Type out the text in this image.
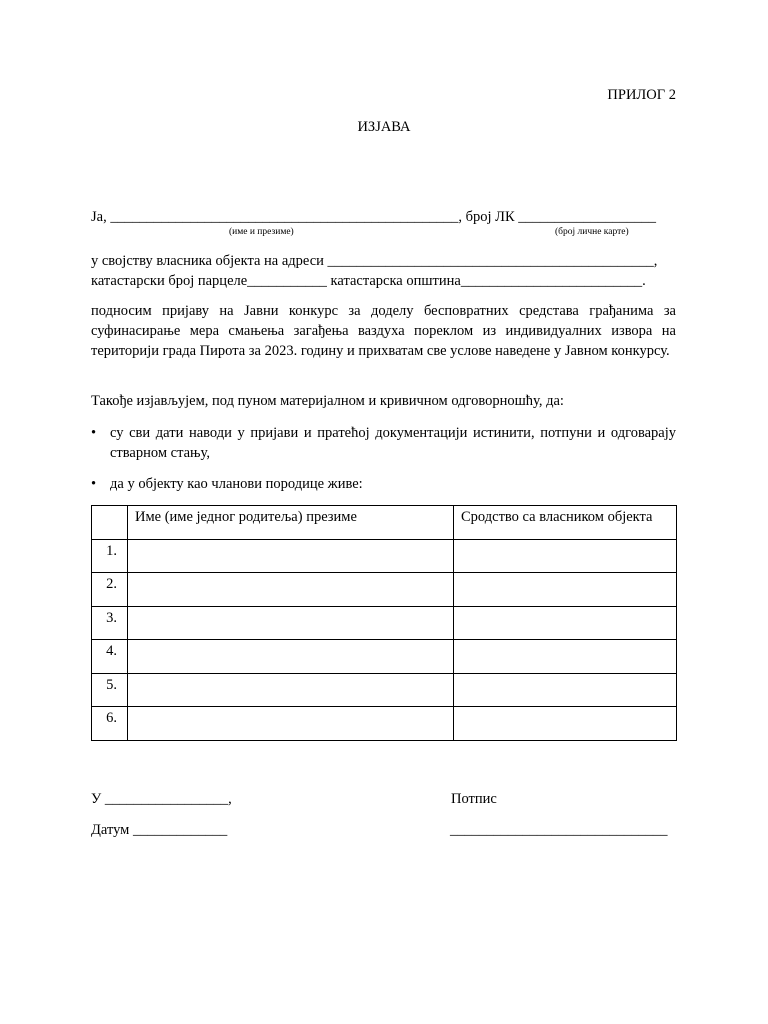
ПРИЛОГ 2
ИЗЈАВА
Ја, ________________________________________________, број ЛК ___________________
(име и презиме)	(број личне карте)
у својству власника објекта на адреси _____________________________________________,
катастарски број парцеле___________ катастарска општина_________________________.

подносим пријаву на Јавни конкурс за доделу бесповратних средстава грађанима за суфинасирање мера смањења загађења ваздуха пореклом из индивидуалних извора на територији града Пирота за 2023. годину и прихватам све услове наведене у Јавном конкурсу.

Такође изјављујем, под пуном материјалном и кривичном одговорношћу, да:
• су сви дати наводи у пријави и пратећој документацији истинити, потпуни и одговарају стварном стању,

• да у објекту као чланови породице живе:

	Име (име једног родитеља) презиме	Сродство са власником објекта
1.		
2.		
3.		
4.		
5.		
6.		
У _________________,	Потпис
Датум _____________	______________________________
